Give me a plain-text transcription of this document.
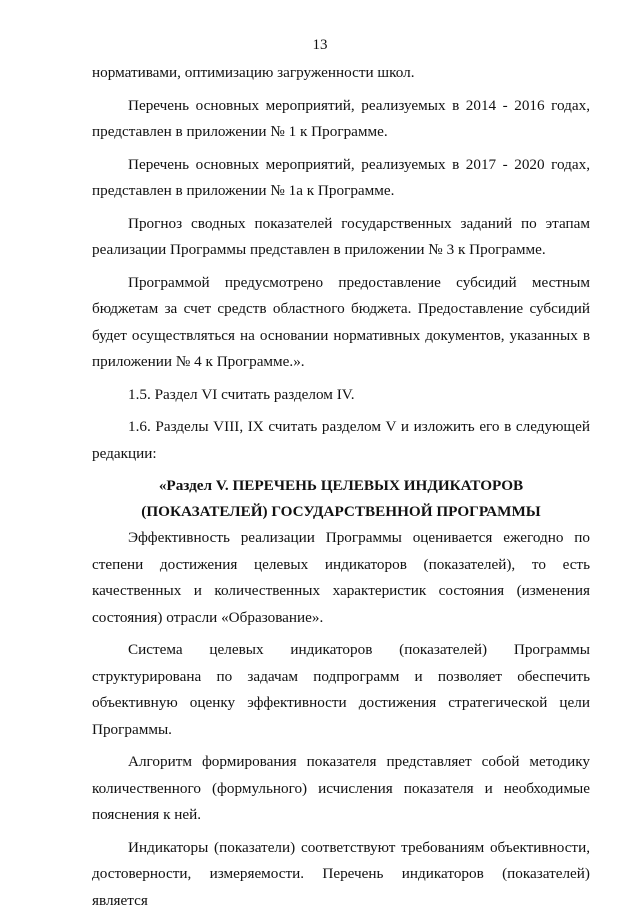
13

нормативами, оптимизацию загруженности школ.

Перечень основных мероприятий, реализуемых в 2014 - 2016 годах, представлен в приложении № 1 к Программе.

Перечень основных мероприятий, реализуемых в 2017 - 2020 годах, представлен в приложении № 1а к Программе.

Прогноз сводных показателей государственных заданий по этапам реализации Программы представлен в приложении № 3 к Программе.

Программой предусмотрено предоставление субсидий местным бюджетам за счет средств областного бюджета. Предоставление субсидий будет осуществляться на основании нормативных документов, указанных в приложении № 4 к Программе.».

1.5. Раздел VI считать разделом IV.

1.6. Разделы VIII, IX считать разделом V и изложить его в следующей редакции:

«Раздел V. ПЕРЕЧЕНЬ ЦЕЛЕВЫХ ИНДИКАТОРОВ
(ПОКАЗАТЕЛЕЙ) ГОСУДАРСТВЕННОЙ ПРОГРАММЫ

Эффективность реализации Программы оценивается ежегодно по степени достижения целевых индикаторов (показателей), то есть качественных и количественных характеристик состояния (изменения состояния) отрасли «Образование».

Система целевых индикаторов (показателей) Программы структурирована по задачам подпрограмм и позволяет обеспечить объективную оценку эффективности достижения стратегической цели Программы.

Алгоритм формирования показателя представляет собой методику количественного (формульного) исчисления показателя и необходимые пояснения к ней.

Индикаторы (показатели) соответствуют требованиям объективности, достоверности, измеряемости. Перечень индикаторов (показателей) является
